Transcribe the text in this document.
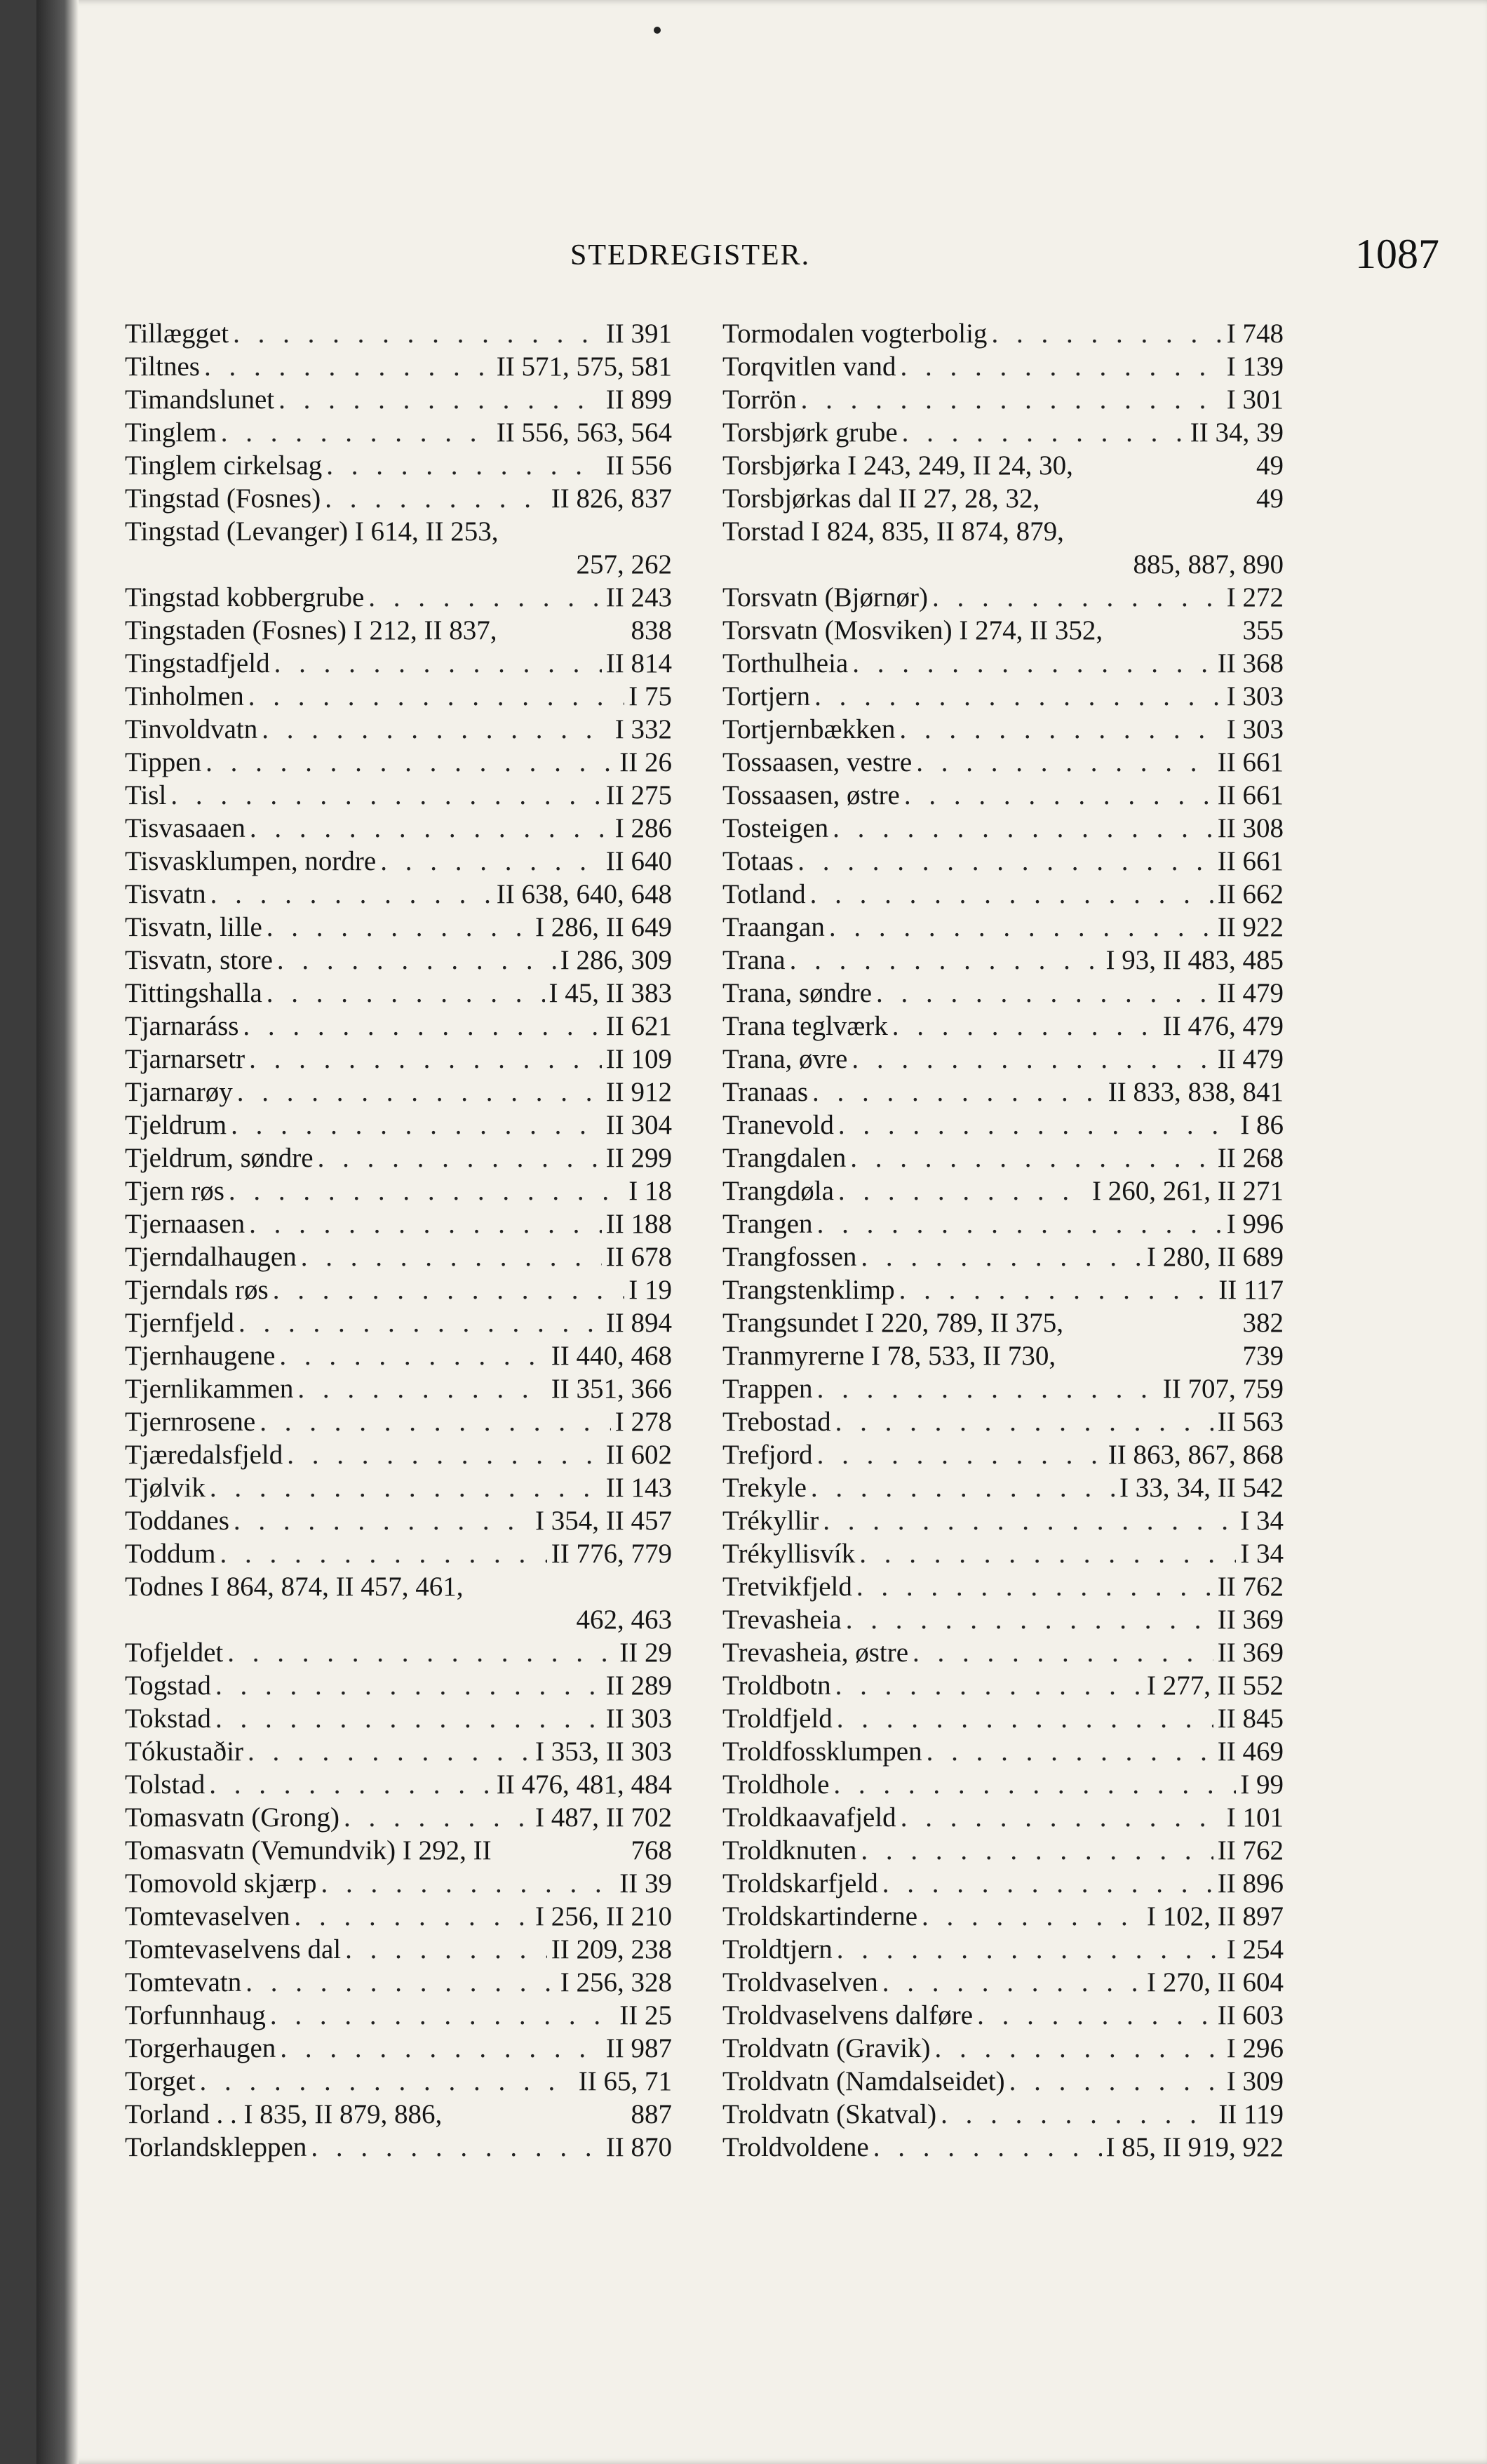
STEDREGISTER.	1087
Tillægget . . .	II 391
Tiltnes . . .	II 571, 575, 581
Timandslunet . . .	II 899
Tinglem . . .	II 556, 563, 564
Tinglem cirkelsag . . .	II 556
Tingstad (Fosnes) . . .	II 826, 837
Tingstad (Levanger) I 614, II 253,
257, 262
Tingstad kobbergrube . . .	II 243
Tingstaden (Fosnes) I 212, II 837,	838
Tingstadfjeld . . .	II 814
Tinholmen . . .	I 75
Tinvoldvatn . . .	I 332
Tippen . . .	II 26
Tisl . . .	II 275
Tisvasaaen . . .	I 286
Tisvasklumpen, nordre . . .	II 640
Tisvatn . . .	II 638, 640, 648
Tisvatn, lille . . .	I 286, II 649
Tisvatn, store . . .	I 286, 309
Tittingshalla . . .	I 45, II 383
Tjarnaráss . . .	II 621
Tjarnarsetr . . .	II 109
Tjarnarøy . . .	II 912
Tjeldrum . . .	II 304
Tjeldrum, søndre . . .	II 299
Tjern røs . . .	I 18
Tjernaasen . . .	II 188
Tjerndalhaugen . . .	II 678
Tjerndals røs . . .	I 19
Tjernfjeld . . .	II 894
Tjernhaugene . . .	II 440, 468
Tjernlikammen . . .	II 351, 366
Tjernrosene . . .	I 278
Tjæredalsfjeld . . .	II 602
Tjølvik . . .	II 143
Toddanes . . .	I 354, II 457
Toddum . . .	II 776, 779
Todnes I 864, 874, II 457, 461,
462, 463
Tofjeldet . . .	II 29
Togstad . . .	II 289
Tokstad . . .	II 303
Tókustaðir . . .	I 353, II 303
Tolstad . . .	II 476, 481, 484
Tomasvatn (Grong) . . .	I 487, II 702
Tomasvatn (Vemundvik) I 292, II	768
Tomovold skjærp . . .	II 39
Tomtevaselven . . .	I 256, II 210
Tomtevaselvens dal . . .	II 209, 238
Tomtevatn . . .	I 256, 328
Torfunnhaug . . .	II 25
Torgerhaugen . . .	II 987
Torget . . .	II 65, 71
Torland . . I 835, II 879, 886,	887
Torlandskleppen . . .	II 870
Tormodalen vogterbolig . . .	I 748
Torqvitlen vand . . .	I 139
Torrön . . .	I 301
Torsbjørk grube . . .	II 34, 39
Torsbjørka I 243, 249, II 24, 30,	49
Torsbjørkas dal II 27, 28, 32,	49
Torstad I 824, 835, II 874, 879,
885, 887, 890
Torsvatn (Bjørnør) . . .	I 272
Torsvatn (Mosviken) I 274, II 352,	355
Torthulheia . . .	II 368
Tortjern . . .	I 303
Tortjernbækken . . .	I 303
Tossaasen, vestre . . .	II 661
Tossaasen, østre . . .	II 661
Tosteigen . . .	II 308
Totaas . . .	II 661
Totland . . .	II 662
Traangan . . .	II 922
Trana . . .	I 93, II 483, 485
Trana, søndre . . .	II 479
Trana teglværk . . .	II 476, 479
Trana, øvre . . .	II 479
Tranaas . . .	II 833, 838, 841
Tranevold . . .	I 86
Trangdalen . . .	II 268
Trangdøla . . .	I 260, 261, II 271
Trangen . . .	I 996
Trangfossen . . .	I 280, II 689
Trangstenklimp . . .	II 117
Trangsundet I 220, 789, II 375,	382
Tranmyrerne I 78, 533, II 730,	739
Trappen . . .	II 707, 759
Trebostad . . .	II 563
Trefjord . . .	II 863, 867, 868
Trekyle . . .	I 33, 34, II 542
Trékyllir . . .	I 34
Trékyllisvík . . .	I 34
Tretvikfjeld . . .	II 762
Trevasheia . . .	II 369
Trevasheia, østre . . .	II 369
Troldbotn . . .	I 277, II 552
Troldfjeld . . .	II 845
Troldfossklumpen . . .	II 469
Troldhole . . .	I 99
Troldkaavafjeld . . .	I 101
Troldknuten . . .	II 762
Troldskarfjeld . . .	II 896
Troldskartinderne . . .	I 102, II 897
Troldtjern . . .	I 254
Troldvaselven . . .	I 270, II 604
Troldvaselvens dalføre . . .	II 603
Troldvatn (Gravik) . . .	I 296
Troldvatn (Namdalseidet) . . .	I 309
Troldvatn (Skatval) . . .	II 119
Troldvoldene . . .	I 85, II 919, 922
